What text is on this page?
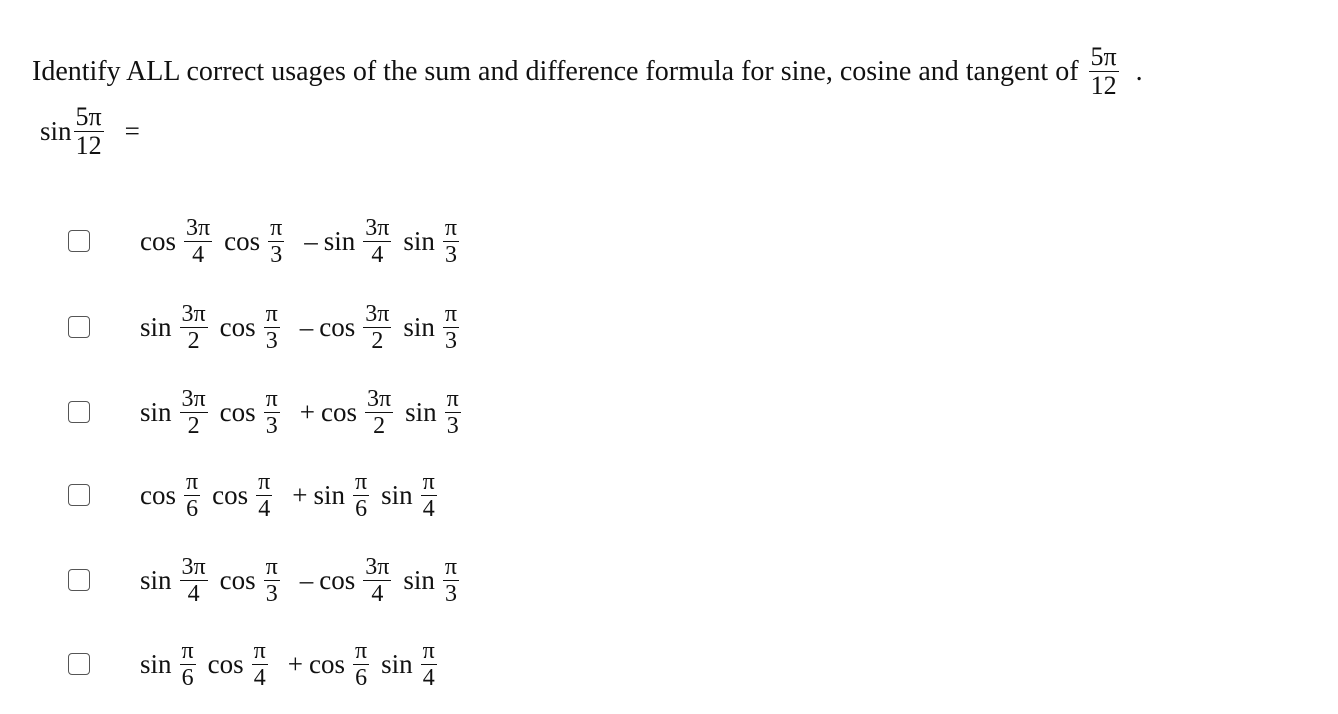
Identify ALL correct usages of the sum and difference formula for sine, cosine and tangent of $\frac{5\pi}{12}$ .
$\sin \frac{5\pi}{12}$ =
$\cos \frac{3\pi}{4}$ $\cos \frac{\pi}{3}$ – $\sin \frac{3\pi}{4}$ $\sin \frac{\pi}{3}$
$\sin \frac{3\pi}{2}$ $\cos \frac{\pi}{3}$ – $\cos \frac{3\pi}{2}$ $\sin \frac{\pi}{3}$
$\sin \frac{3\pi}{2}$ $\cos \frac{\pi}{3} + \cos \frac{3\pi}{2}$ $\sin \frac{\pi}{3}$
$\cos \frac{\pi}{6}$ $\cos \frac{\pi}{4} + \sin \frac{\pi}{6}$ $\sin \frac{\pi}{4}$
$\sin \frac{3\pi}{4}$ $\cos \frac{\pi}{3}$ – $\cos \frac{3\pi}{4}$ $\sin \frac{\pi}{3}$
$\sin \frac{\pi}{6}$ $\cos \frac{\pi}{4} + \cos \frac{\pi}{6}$ $\sin \frac{\pi}{4}$
